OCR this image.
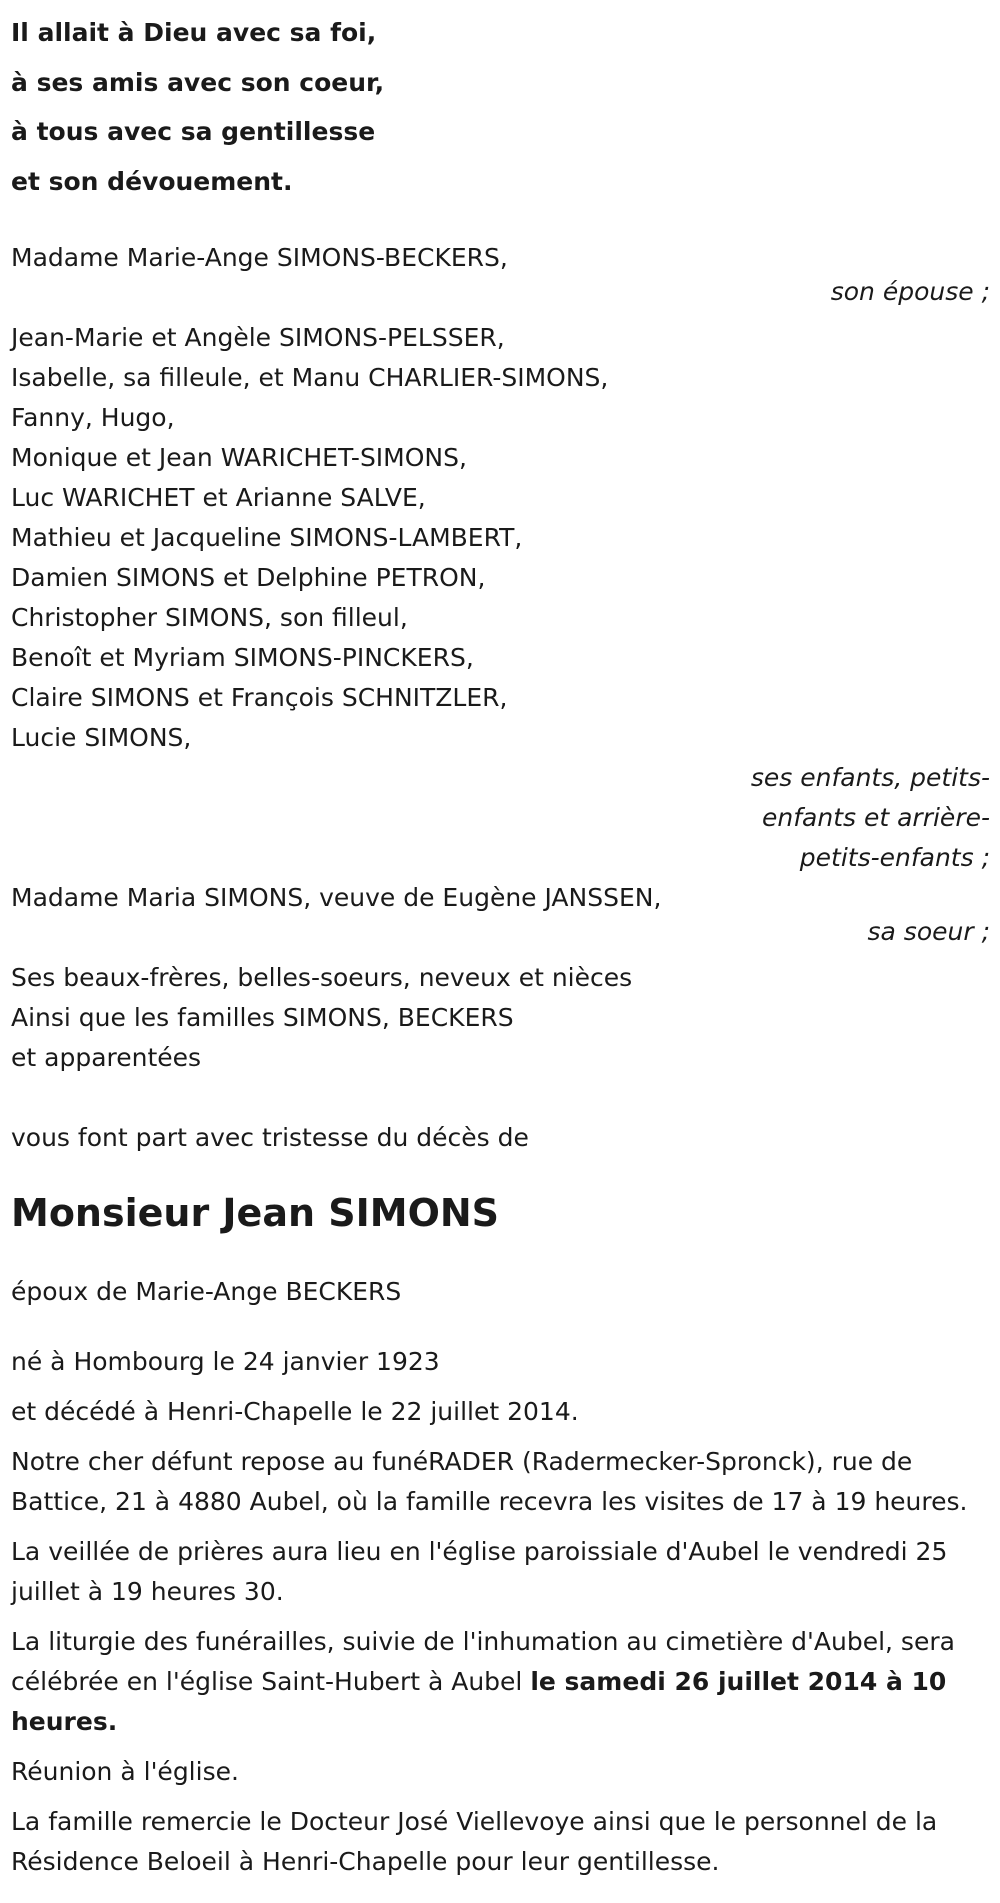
Il allait à Dieu avec sa foi,
à ses amis avec son coeur,
à tous avec sa gentillesse
et son dévouement.
Madame Marie-Ange SIMONS-BECKERS,
son épouse ;
Jean-Marie et Angèle SIMONS-PELSSER,
Isabelle, sa filleule, et Manu CHARLIER-SIMONS,
Fanny, Hugo,
Monique et Jean WARICHET-SIMONS,
Luc WARICHET et Arianne SALVE,
Mathieu et Jacqueline SIMONS-LAMBERT,
Damien SIMONS et Delphine PETRON,
Christopher SIMONS, son filleul,
Benoît et Myriam SIMONS-PINCKERS,
Claire SIMONS et François SCHNITZLER,
Lucie SIMONS,
ses enfants, petits-
enfants et arrière-
petits-enfants ;
Madame Maria SIMONS, veuve de Eugène JANSSEN,
sa soeur ;
Ses beaux-frères, belles-soeurs, neveux et nièces
Ainsi que les familles SIMONS, BECKERS
et apparentées
vous font part avec tristesse du décès de
Monsieur Jean SIMONS
époux de Marie-Ange BECKERS
né à Hombourg le 24 janvier 1923
et décédé à Henri-Chapelle le 22 juillet 2014.
Notre cher défunt repose au funéRADER (Radermecker-Spronck), rue de Battice, 21 à 4880 Aubel, où la famille recevra les visites de 17 à 19 heures.
La veillée de prières aura lieu en l'église paroissiale d'Aubel le vendredi 25 juillet à 19 heures 30.
La liturgie des funérailles, suivie de l'inhumation au cimetière d'Aubel, sera célébrée en l'église Saint-Hubert à Aubel le samedi 26 juillet 2014 à 10 heures.
Réunion à l'église.
La famille remercie le Docteur José Viellevoye ainsi que le personnel de la Résidence Beloeil à Henri-Chapelle pour leur gentillesse.
